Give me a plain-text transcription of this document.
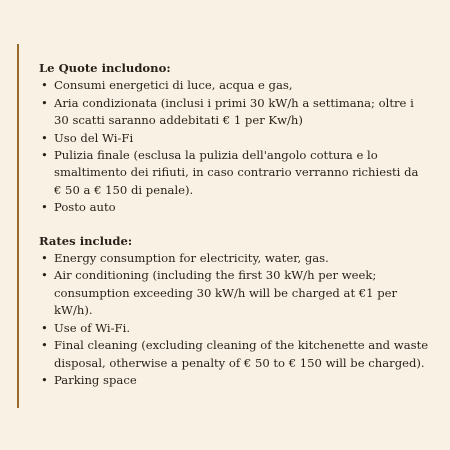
Le Quote includono:

• Consumi energetici di luce, acqua e gas,
• Aria condizionata (inclusi i primi 30 kW/h a settimana; oltre i 30 scatti saranno addebitati € 1 per Kw/h)
• Uso del Wi-Fi
• Pulizia finale (esclusa la pulizia dell'angolo cottura e lo smaltimento dei rifiuti, in caso contrario verranno richiesti da € 50 a € 150 di penale).
• Posto auto

Rates include:

• Energy consumption for electricity, water, gas.
• Air conditioning (including the first 30 kW/h per week; consumption exceeding 30 kW/h will be charged at €1 per kW/h).
• Use of Wi-Fi.
• Final cleaning (excluding cleaning of the kitchenette and waste disposal, otherwise a penalty of € 50 to € 150 will be charged).
• Parking space
